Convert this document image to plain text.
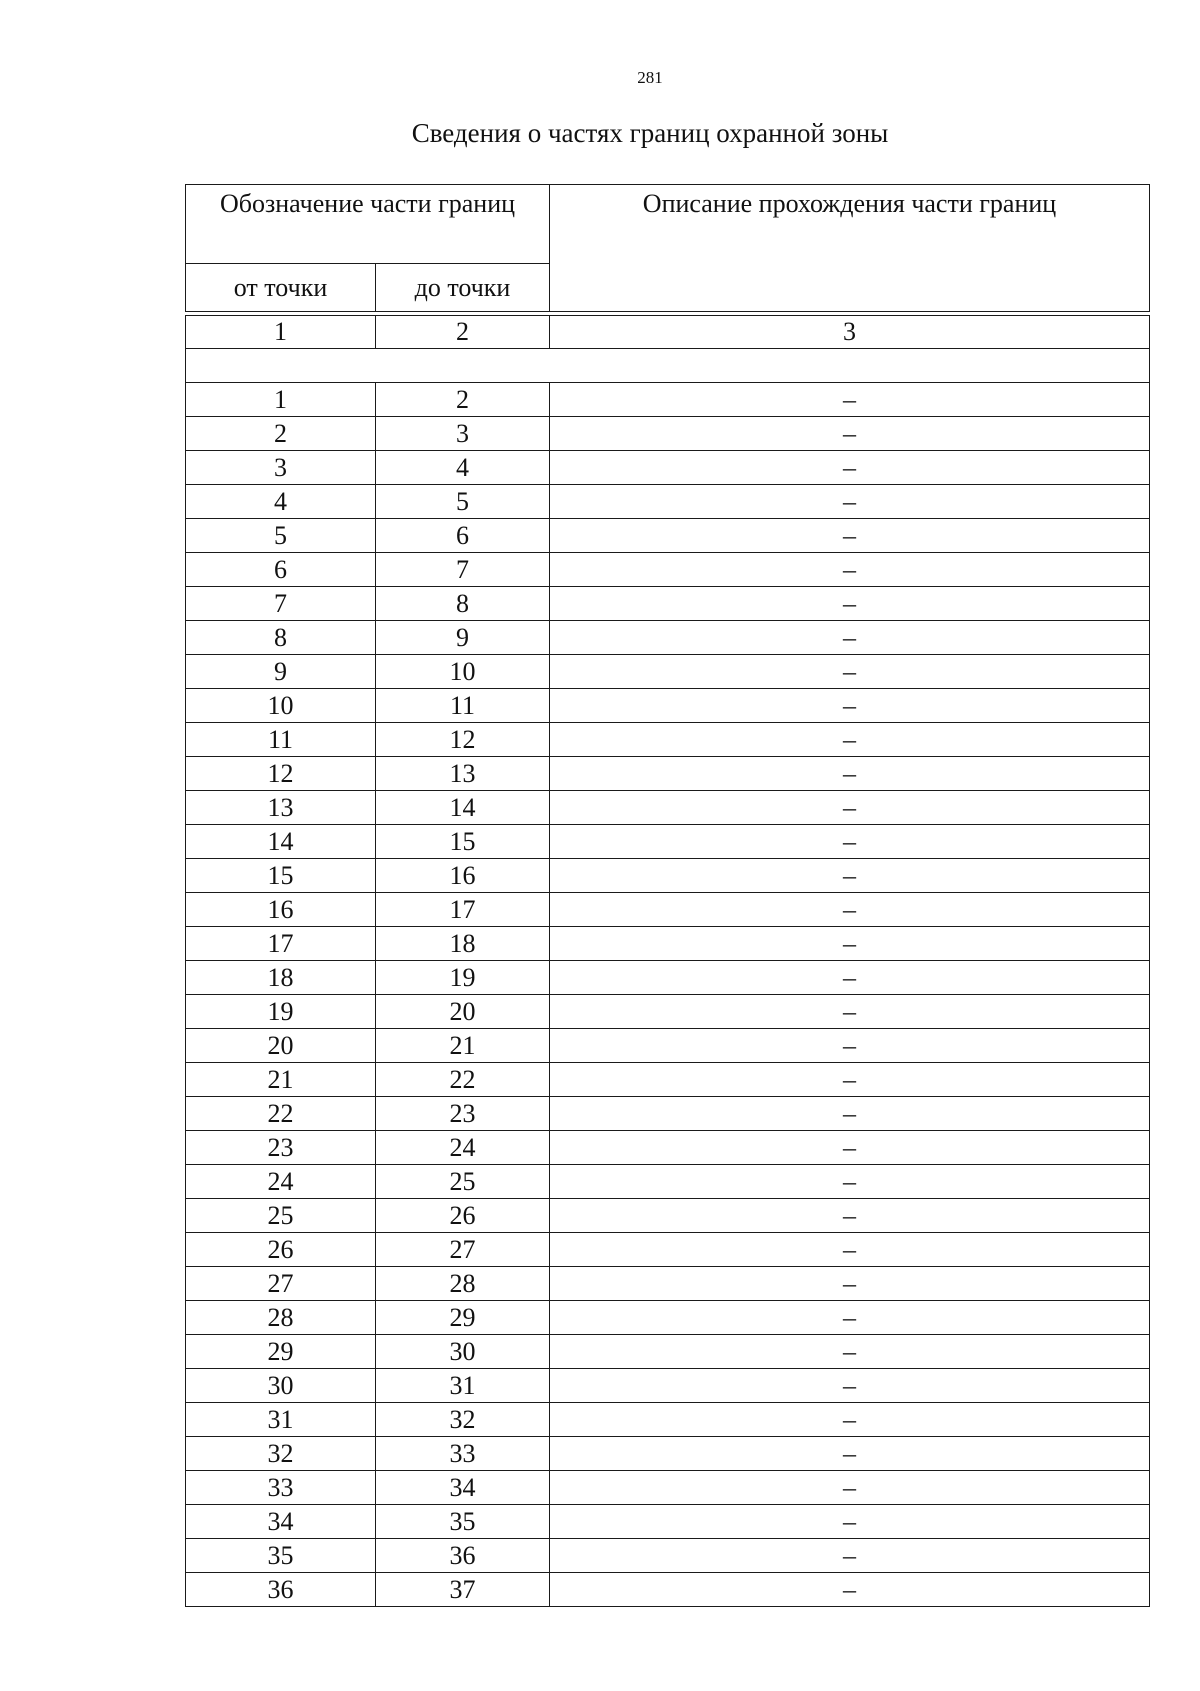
281
Сведения о частях границ охранной зоны
Обозначение части границ		Описание прохождения части границ
от точки	до точки	

1	2	3

1	2	–
2	3	–
3	4	–
4	5	–
5	6	–
6	7	–
7	8	–
8	9	–
9	10	–
10	11	–
11	12	–
12	13	–
13	14	–
14	15	–
15	16	–
16	17	–
17	18	–
18	19	–
19	20	–
20	21	–
21	22	–
22	23	–
23	24	–
24	25	–
25	26	–
26	27	–
27	28	–
28	29	–
29	30	–
30	31	–
31	32	–
32	33	–
33	34	–
34	35	–
35	36	–
36	37	–
